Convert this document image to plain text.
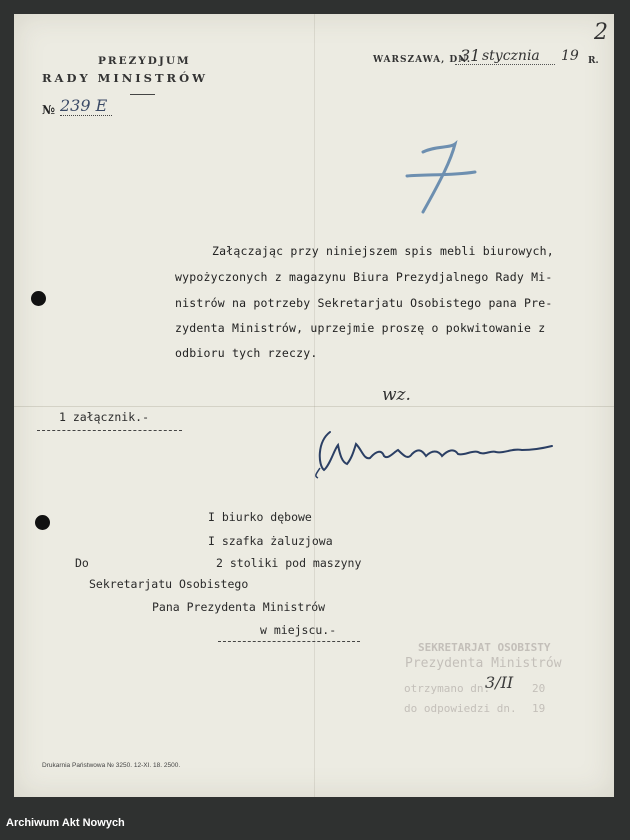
2
PREZYDJUM
RADY MINISTRÓW
№ 239 E
WARSZAWA, DN.
31 stycznia 19 R.
Załączając przy niniejszem spis mebli biurowych,
wypożyczonych z magazynu Biura Prezydjalnego Rady Mi-
nistrów na potrzeby Sekretarjatu Osobistego pana Pre-
zydenta Ministrów, uprzejmie proszę o pokwitowanie z
odbioru tych rzeczy.
wz.
1 załącznik.-
I biurko dębowe
I szafka żaluzjowa
2 stoliki pod maszyny
Do
Sekretarjatu Osobistego
Pana Prezydenta Ministrów
w miejscu.-
SEKRETARJAT OSOBISTY
Prezydenta Ministrów
otrzymano dn.
3/II 20
do odpowiedzi dn. 19
Drukarnia Państwowa № 3250. 12-XI. 18. 2500.
Archiwum Akt Nowych
